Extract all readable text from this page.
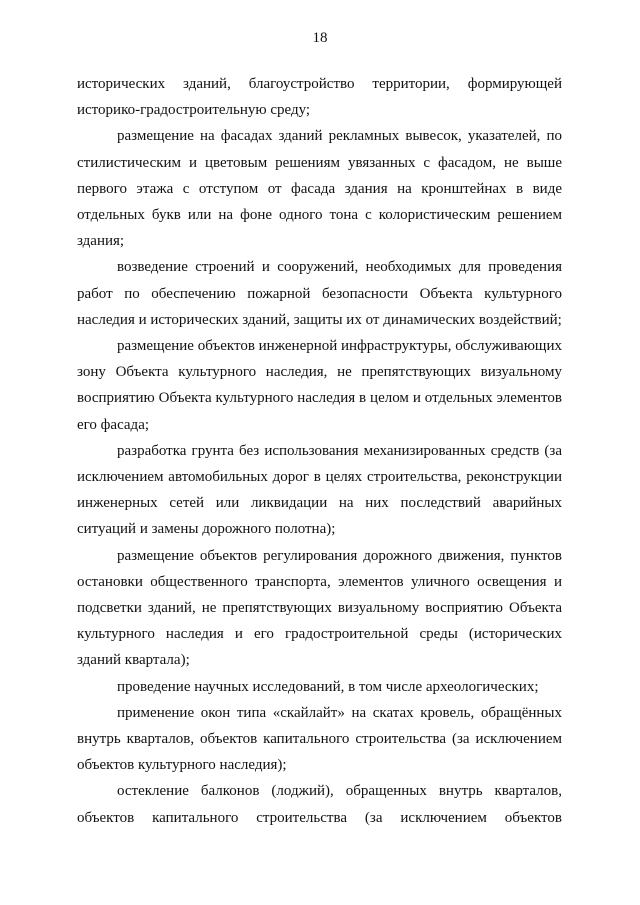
18

исторических зданий, благоустройство территории, формирующей историко-градостроительную среду;

размещение на фасадах зданий рекламных вывесок, указателей, по стилистическим и цветовым решениям увязанных с фасадом, не выше первого этажа с отступом от фасада здания на кронштейнах в виде отдельных букв или на фоне одного тона с колористическим решением здания;

возведение строений и сооружений, необходимых для проведения работ по обеспечению пожарной безопасности Объекта культурного наследия и исторических зданий, защиты их от динамических воздействий;

размещение объектов инженерной инфраструктуры, обслуживающих зону Объекта культурного наследия, не препятствующих визуальному восприятию Объекта культурного наследия в целом и отдельных элементов его фасада;

разработка грунта без использования механизированных средств (за исключением автомобильных дорог в целях строительства, реконструкции инженерных сетей или ликвидации на них последствий аварийных ситуаций и замены дорожного полотна);

размещение объектов регулирования дорожного движения, пунктов остановки общественного транспорта, элементов уличного освещения и подсветки зданий, не препятствующих визуальному восприятию Объекта культурного наследия и его градостроительной среды (исторических зданий квартала);

проведение научных исследований, в том числе археологических;

применение окон типа «скайлайт» на скатах кровель, обращённых внутрь кварталов, объектов капитального строительства (за исключением объектов культурного наследия);

остекление балконов (лоджий), обращенных внутрь кварталов, объектов капитального строительства (за исключением объектов
